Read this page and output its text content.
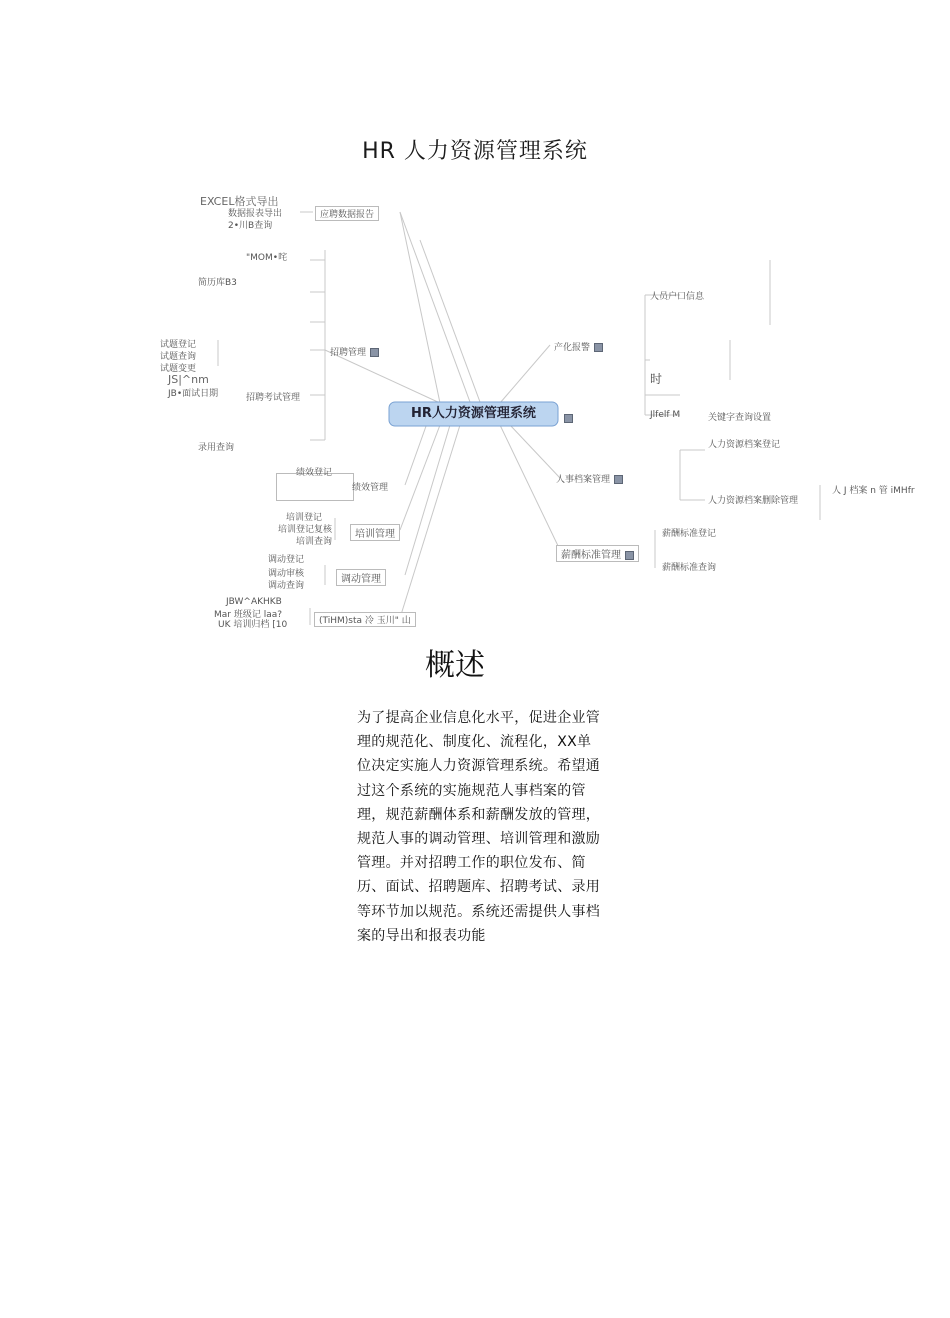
HR 人力资源管理系统
HR人力资源管理系统
应聘数据报告
EXCEL格式导出
数据报表导出
2•川B查询
招聘管理
"MOM•咤
简历库B3
试题登记
试题查询
试题变更
JS|^nm
JB•面试日期	招聘考试管理
录用查询
绩效管理
绩效登记
培训管理
培训登记
培训登记复核
培训查询
调动管理
调动登记
调动审核
调动查询
(TiHM)sta 冷 玉川" 山
JBW^AKHKB
Mar 班级记 laa?
UK 培训归档 [10
产化报警
人员户口信息
时
关键字查询设置
Jlfelf M
人事档案管理
人力资源档案登记
人力资源档案删除管理
人 J 档案 n 管 iMHfr
薪酬标准管理
薪酬标准登记
薪酬标准查询
概述
为了提高企业信息化水平，促进企业管理的规范化、制度化、流程化，XX单位决定实施人力资源管理系统。希望通过这个系统的实施规范人事档案的管理，规范薪酬体系和薪酬发放的管理，规范人事的调动管理、培训管理和激励管理。并对招聘工作的职位发布、简历、面试、招聘题库、招聘考试、录用等环节加以规范。系统还需提供人事档案的导出和报表功能
